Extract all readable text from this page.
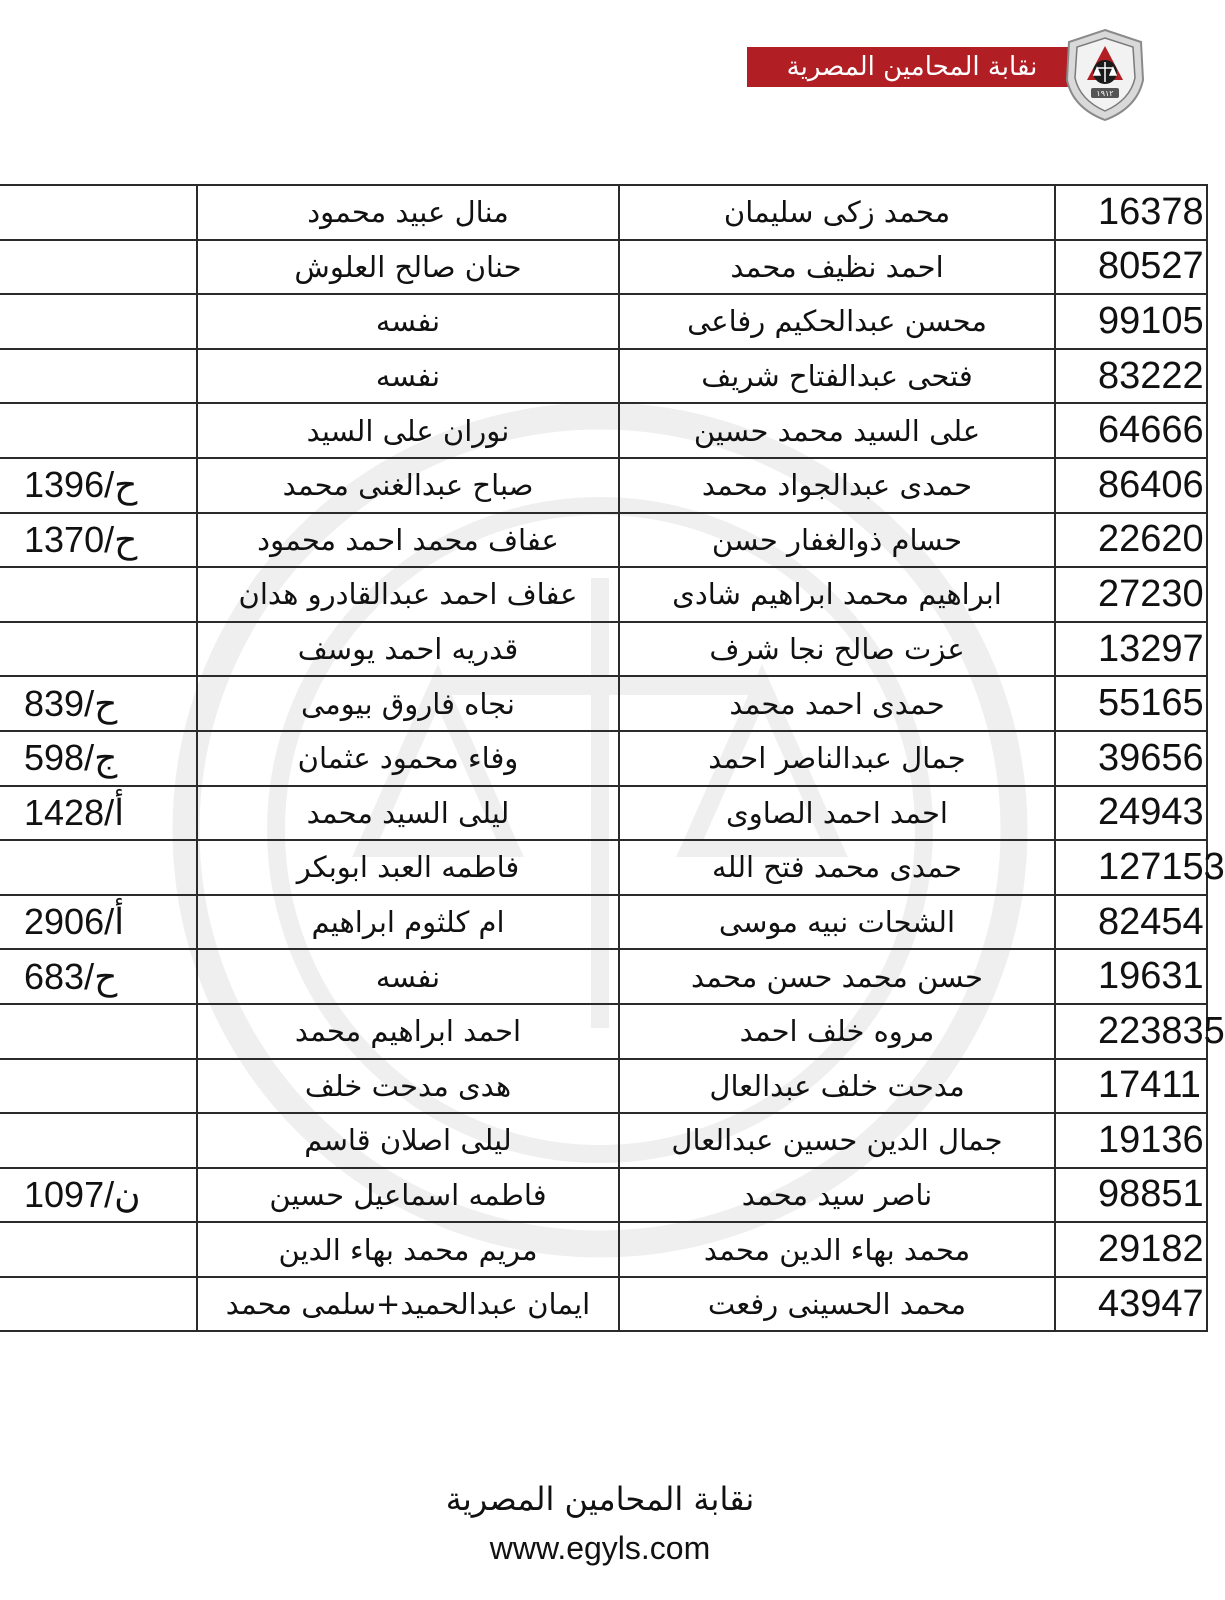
نقابة المحامين المصرية
١٩١٢
	منال عبيد محمود	محمد زكى سليمان	16378
	حنان صالح العلوش	احمد نظيف محمد	80527
	نفسه	محسن عبدالحكيم رفاعى	99105
	نفسه	فتحى عبدالفتاح شريف	83222
	نوران على السيد	على السيد محمد حسين	64666
1396/ح	صباح عبدالغنى محمد	حمدى عبدالجواد محمد	86406
1370/ح	عفاف محمد احمد محمود	حسام ذوالغفار حسن	22620
	عفاف احمد عبدالقادرو هدان	ابراهيم محمد ابراهيم شادى	27230
	قدريه احمد يوسف	عزت صالح نجا شرف	13297
839/ح	نجاه فاروق بيومى	حمدى احمد محمد	55165
598/ج	وفاء محمود عثمان	جمال عبدالناصر احمد	39656
1428/أ	ليلى السيد محمد	احمد احمد الصاوى	24943
	فاطمه العبد ابوبكر	حمدى محمد فتح الله	127153
2906/أ	ام كلثوم ابراهيم	الشحات نبيه موسى	82454
683/ح	نفسه	حسن محمد حسن محمد	19631
	احمد ابراهيم محمد	مروه خلف احمد	223835
	هدى مدحت خلف	مدحت خلف عبدالعال	17411
	ليلى اصلان قاسم	جمال الدين حسين عبدالعال	19136
1097/ن	فاطمه اسماعيل حسين	ناصر سيد محمد	98851
	مريم محمد بهاء الدين	محمد بهاء الدين محمد	29182
	ايمان عبدالحميد+سلمى محمد	محمد الحسينى رفعت	43947
نقابة المحامين المصرية
www.egyls.com
